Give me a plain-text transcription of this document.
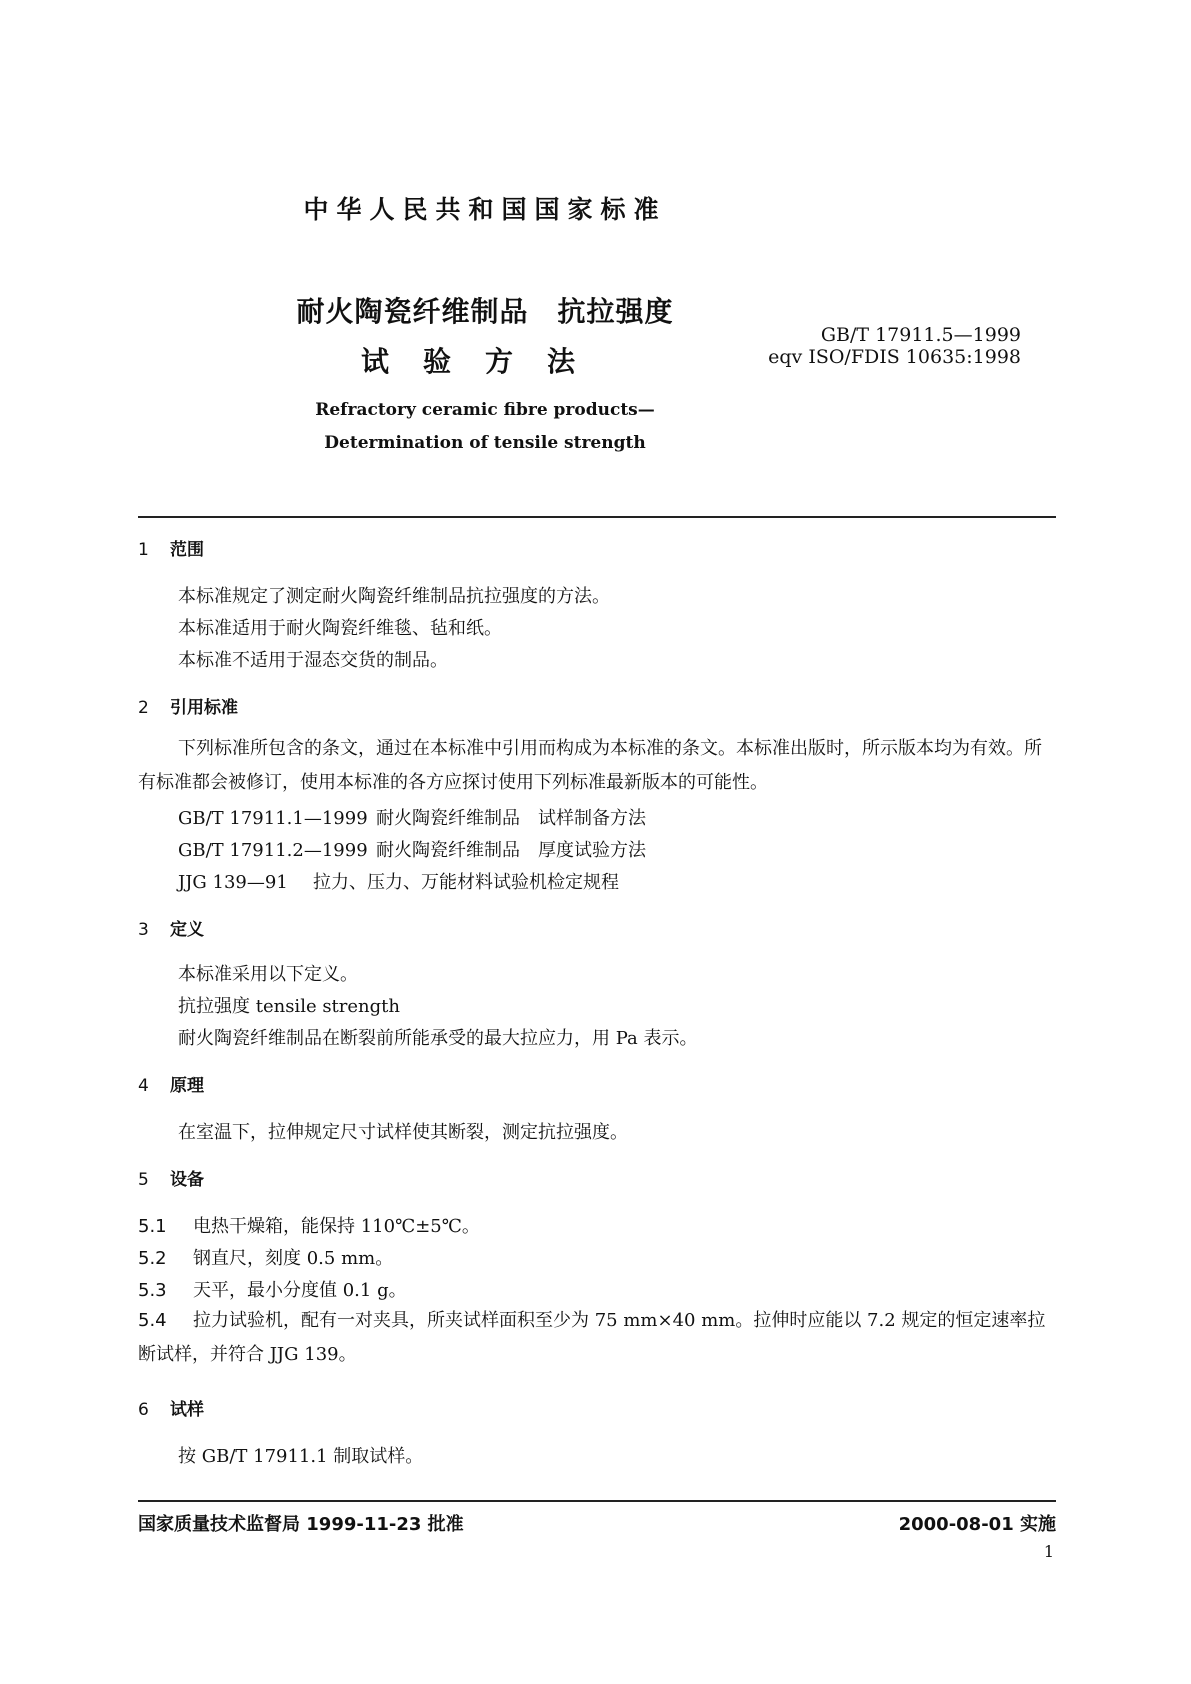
中华人民共和国国家标准
耐火陶瓷纤维制品　抗拉强度
试验方法
GB/T 17911.5—1999
eqv ISO/FDIS 10635:1998
Refractory ceramic fibre products—
Determination of tensile strength
1 范围
本标准规定了测定耐火陶瓷纤维制品抗拉强度的方法。
本标准适用于耐火陶瓷纤维毯、毡和纸。
本标准不适用于湿态交货的制品。
2 引用标准
下列标准所包含的条文，通过在本标准中引用而构成为本标准的条文。本标准出版时，所示版本均为有效。所有标准都会被修订，使用本标准的各方应探讨使用下列标准最新版本的可能性。
GB/T 17911.1—1999 耐火陶瓷纤维制品　试样制备方法
GB/T 17911.2—1999 耐火陶瓷纤维制品　厚度试验方法
JJG 139—91 拉力、压力、万能材料试验机检定规程
3 定义
本标准采用以下定义。
抗拉强度 tensile strength
耐火陶瓷纤维制品在断裂前所能承受的最大拉应力，用 Pa 表示。
4 原理
在室温下，拉伸规定尺寸试样使其断裂，测定抗拉强度。
5 设备
5.1 电热干燥箱，能保持 110℃±5℃。
5.2 钢直尺，刻度 0.5 mm。
5.3 天平，最小分度值 0.1 g。
5.4 拉力试验机，配有一对夹具，所夹试样面积至少为 75 mm×40 mm。拉伸时应能以 7.2 规定的恒定速率拉断试样，并符合 JJG 139。
6 试样
按 GB/T 17911.1 制取试样。
国家质量技术监督局 1999-11-23 批准	2000-08-01 实施
1
